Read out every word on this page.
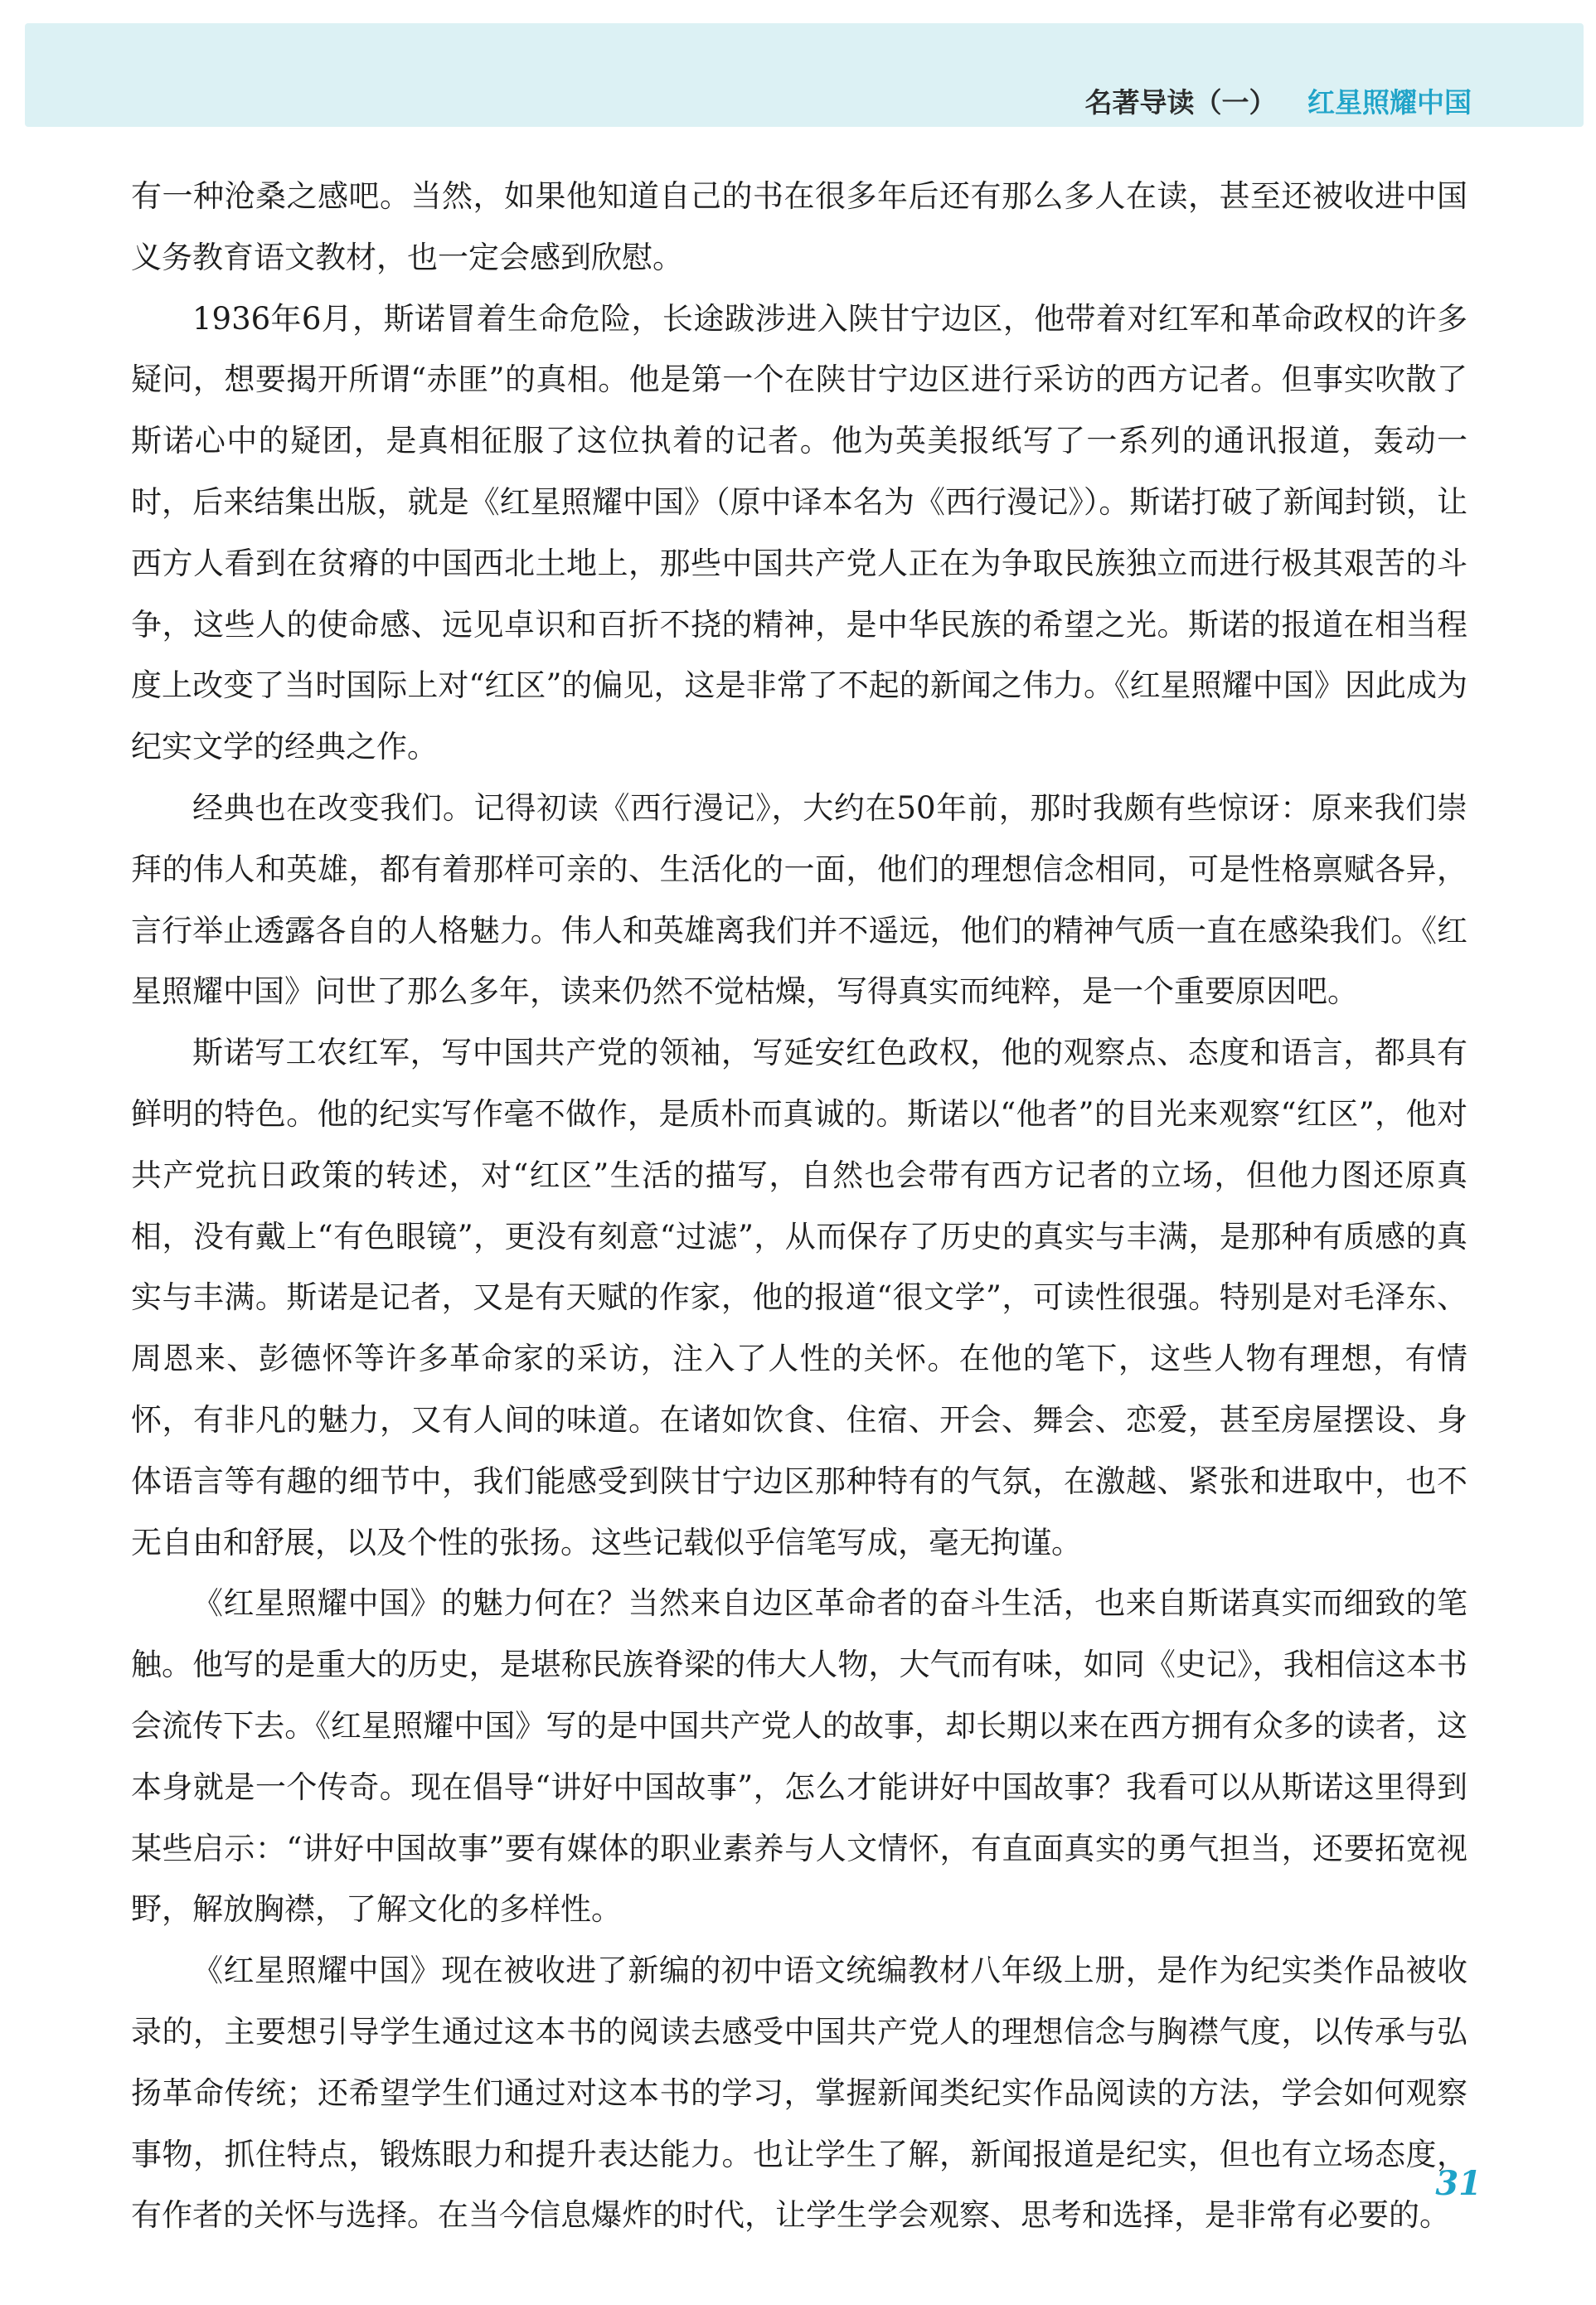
名著导读（一） 红星照耀中国

有一种沧桑之感吧。当然，如果他知道自己的书在很多年后还有那么多人在读，甚至还被收进中国义务教育语文教材，也一定会感到欣慰。

1936年6月，斯诺冒着生命危险，长途跋涉进入陕甘宁边区，他带着对红军和革命政权的许多疑问，想要揭开所谓“赤匪”的真相。他是第一个在陕甘宁边区进行采访的西方记者。但事实吹散了斯诺心中的疑团，是真相征服了这位执着的记者。他为英美报纸写了一系列的通讯报道，轰动一时，后来结集出版，就是《红星照耀中国》（原中译本名为《西行漫记》）。斯诺打破了新闻封锁，让西方人看到在贫瘠的中国西北土地上，那些中国共产党人正在为争取民族独立而进行极其艰苦的斗争，这些人的使命感、远见卓识和百折不挠的精神，是中华民族的希望之光。斯诺的报道在相当程度上改变了当时国际上对“红区”的偏见，这是非常了不起的新闻之伟力。《红星照耀中国》因此成为纪实文学的经典之作。

经典也在改变我们。记得初读《西行漫记》，大约在50年前，那时我颇有些惊讶：原来我们崇拜的伟人和英雄，都有着那样可亲的、生活化的一面，他们的理想信念相同，可是性格禀赋各异，言行举止透露各自的人格魅力。伟人和英雄离我们并不遥远，他们的精神气质一直在感染我们。《红星照耀中国》问世了那么多年，读来仍然不觉枯燥，写得真实而纯粹，是一个重要原因吧。

斯诺写工农红军，写中国共产党的领袖，写延安红色政权，他的观察点、态度和语言，都具有鲜明的特色。他的纪实写作毫不做作，是质朴而真诚的。斯诺以“他者”的目光来观察“红区”，他对共产党抗日政策的转述，对“红区”生活的描写，自然也会带有西方记者的立场，但他力图还原真相，没有戴上“有色眼镜”，更没有刻意“过滤”，从而保存了历史的真实与丰满，是那种有质感的真实与丰满。斯诺是记者，又是有天赋的作家，他的报道“很文学”，可读性很强。特别是对毛泽东、周恩来、彭德怀等许多革命家的采访，注入了人性的关怀。在他的笔下，这些人物有理想，有情怀，有非凡的魅力，又有人间的味道。在诸如饮食、住宿、开会、舞会、恋爱，甚至房屋摆设、身体语言等有趣的细节中，我们能感受到陕甘宁边区那种特有的气氛，在激越、紧张和进取中，也不无自由和舒展，以及个性的张扬。这些记载似乎信笔写成，毫无拘谨。

《红星照耀中国》的魅力何在？当然来自边区革命者的奋斗生活，也来自斯诺真实而细致的笔触。他写的是重大的历史，是堪称民族脊梁的伟大人物，大气而有味，如同《史记》，我相信这本书会流传下去。《红星照耀中国》写的是中国共产党人的故事，却长期以来在西方拥有众多的读者，这本身就是一个传奇。现在倡导“讲好中国故事”，怎么才能讲好中国故事？我看可以从斯诺这里得到某些启示：“讲好中国故事”要有媒体的职业素养与人文情怀，有直面真实的勇气担当，还要拓宽视野，解放胸襟，了解文化的多样性。

《红星照耀中国》现在被收进了新编的初中语文统编教材八年级上册，是作为纪实类作品被收录的，主要想引导学生通过这本书的阅读去感受中国共产党人的理想信念与胸襟气度，以传承与弘扬革命传统；还希望学生们通过对这本书的学习，掌握新闻类纪实作品阅读的方法，学会如何观察事物，抓住特点，锻炼眼力和提升表达能力。也让学生了解，新闻报道是纪实，但也有立场态度，有作者的关怀与选择。在当今信息爆炸的时代，让学生学会观察、思考和选择，是非常有必要的。

31
